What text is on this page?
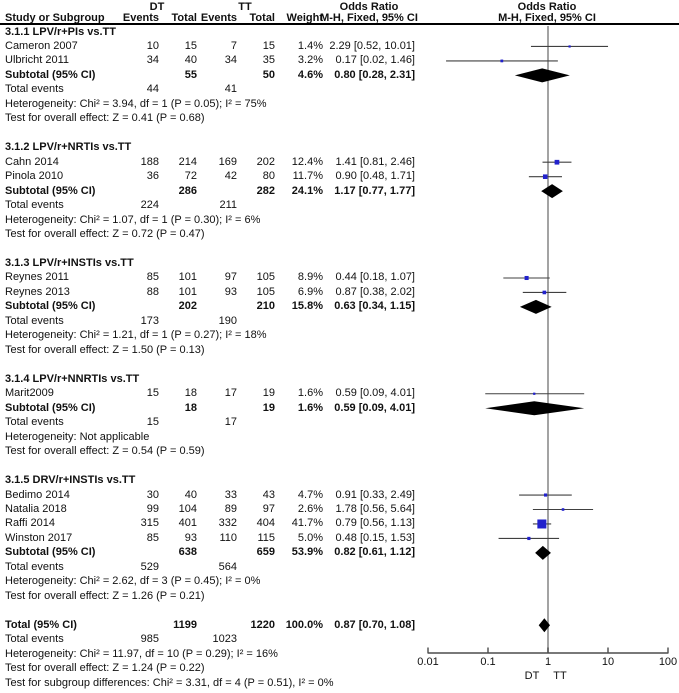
DT	TT	Odds Ratio	Odds Ratio
Study or Subgroup	Events	Total Events	Total	Weight
M-H, Fixed, 95% CI	M-H, Fixed, 95% CI
3.1.1 LPV/r+PIs vs.TT
Cameron 2007	10	15	7	15	1.4% 2.29 [0.52, 10.01]
Ulbricht 2011	34	40	34	35	3.2%	0.17 [0.02, 1.46]
Subtotal (95% CI)	55	50	4.6%	0.80 [0.28, 2.31]
Total events	44	41
Heterogeneity: Chi² = 3.94, df = 1 (P = 0.05); I² = 75%
Test for overall effect: Z = 0.41 (P = 0.68)
3.1.2 LPV/r+NRTIs vs.TT
Cahn 2014	188	214	169	202	12.4%	1.41 [0.81, 2.46]
Pinola 2010	36	72	42	80	11.7%	0.90 [0.48, 1.71]
Subtotal (95% CI)	286	282	24.1%	1.17 [0.77, 1.77]
Total events	224	211
Heterogeneity: Chi² = 1.07, df = 1 (P = 0.30); I² = 6%
Test for overall effect: Z = 0.72 (P = 0.47)
3.1.3 LPV/r+INSTIs vs.TT
Reynes 2011	85	101	97	105	8.9%	0.44 [0.18, 1.07]
Reynes 2013	88	101	93	105	6.9%	0.87 [0.38, 2.02]
Subtotal (95% CI)	202	210	15.8%	0.63 [0.34, 1.15]
Total events	173	190
Heterogeneity: Chi² = 1.21, df = 1 (P = 0.27); I² = 18%
Test for overall effect: Z = 1.50 (P = 0.13)
3.1.4 LPV/r+NNRTIs vs.TT
Marit2009	15	18	17	19	1.6%	0.59 [0.09, 4.01]
Subtotal (95% CI)	18	19	1.6%	0.59 [0.09, 4.01]
Total events	15	17
Heterogeneity: Not applicable
Test for overall effect: Z = 0.54 (P = 0.59)
3.1.5 DRV/r+INSTIs vs.TT
Bedimo 2014	30	40	33	43	4.7%	0.91 [0.33, 2.49]
Natalia 2018	99	104	89	97	2.6%	1.78 [0.56, 5.64]
Raffi 2014	315	401	332	404	41.7%	0.79 [0.56, 1.13]
Winston 2017	85	93	110	115	5.0%	0.48 [0.15, 1.53]
Subtotal (95% CI)	638	659	53.9%	0.82 [0.61, 1.12]
Total events	529	564
Heterogeneity: Chi² = 2.62, df = 3 (P = 0.45); I² = 0%
Test for overall effect: Z = 1.26 (P = 0.21)
Total (95% CI)	1199	1220 100.0%	0.87 [0.70, 1.08]
Total events	985	1023
Heterogeneity: Chi² = 11.97, df = 10 (P = 0.29); I² = 16%
Test for overall effect: Z = 1.24 (P = 0.22)
Test for subgroup differences: Chi² = 3.31, df = 4 (P = 0.51), I² = 0%
0.01	0.1	1	10	100
DT TT
